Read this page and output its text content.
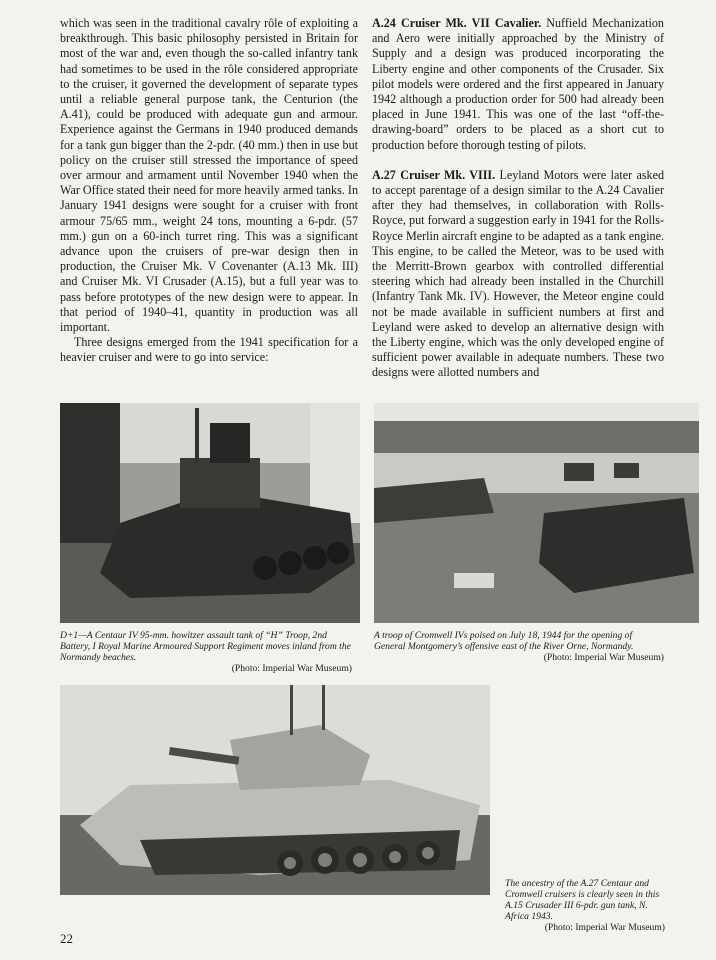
which was seen in the traditional cavalry rôle of exploiting a breakthrough. This basic philosophy persisted in Britain for most of the war and, even though the so-called infantry tank had sometimes to be used in the rôle considered appropriate to the cruiser, it governed the development of separate types until a reliable general purpose tank, the Centurion (the A.41), could be produced with adequate gun and armour. Experience against the Germans in 1940 produced demands for a tank gun bigger than the 2-pdr. (40 mm.) then in use but policy on the cruiser still stressed the importance of speed over armour and armament until November 1940 when the War Office stated their need for more heavily armed tanks. In January 1941 designs were sought for a cruiser with front armour 75/65 mm., weight 24 tons, mounting a 6-pdr. (57 mm.) gun on a 60-inch turret ring. This was a significant advance upon the cruisers of pre-war design then in production, the Cruiser Mk. V Covenanter (A.13 Mk. III) and Cruiser Mk. VI Crusader (A.15), but a full year was to pass before prototypes of the new design were to appear. In that period of 1940–41, quantity in production was all important.

Three designs emerged from the 1941 specification for a heavier cruiser and were to go into service:

A.24 Cruiser Mk. VII Cavalier. Nuffield Mechanization and Aero were initially approached by the Ministry of Supply and a design was produced incorporating the Liberty engine and other components of the Crusader. Six pilot models were ordered and the first appeared in January 1942 although a production order for 500 had already been placed in June 1941. This was one of the last “off-the-drawing-board” orders to be placed as a short cut to production before thorough testing of pilots.

A.27 Cruiser Mk. VIII. Leyland Motors were later asked to accept parentage of a design similar to the A.24 Cavalier after they had themselves, in collaboration with Rolls-Royce, put forward a suggestion early in 1941 for the Rolls-Royce Merlin aircraft engine to be adapted as a tank engine. This engine, to be called the Meteor, was to be used with the Merritt-Brown gearbox with controlled differential steering which had already been installed in the Churchill (Infantry Tank Mk. IV). However, the Meteor engine could not be made available in sufficient numbers at first and Leyland were asked to develop an alternative design with the Liberty engine, which was the only developed engine of sufficient power available in adequate numbers. These two designs were allotted numbers and

D+1—A Centaur IV 95-mm. howitzer assault tank of “H” Troop, 2nd Battery, I Royal Marine Armoured Support Regiment moves inland from the Normandy beaches.
(Photo: Imperial War Museum)
A troop of Cromwell IVs poised on July 18, 1944 for the opening of General Montgomery’s offensive east of the River Orne, Normandy.
(Photo: Imperial War Museum)
The ancestry of the A.27 Centaur and Cromwell cruisers is clearly seen in this A.15 Crusader III 6-pdr. gun tank, N. Africa 1943.
(Photo: Imperial War Museum)
22
